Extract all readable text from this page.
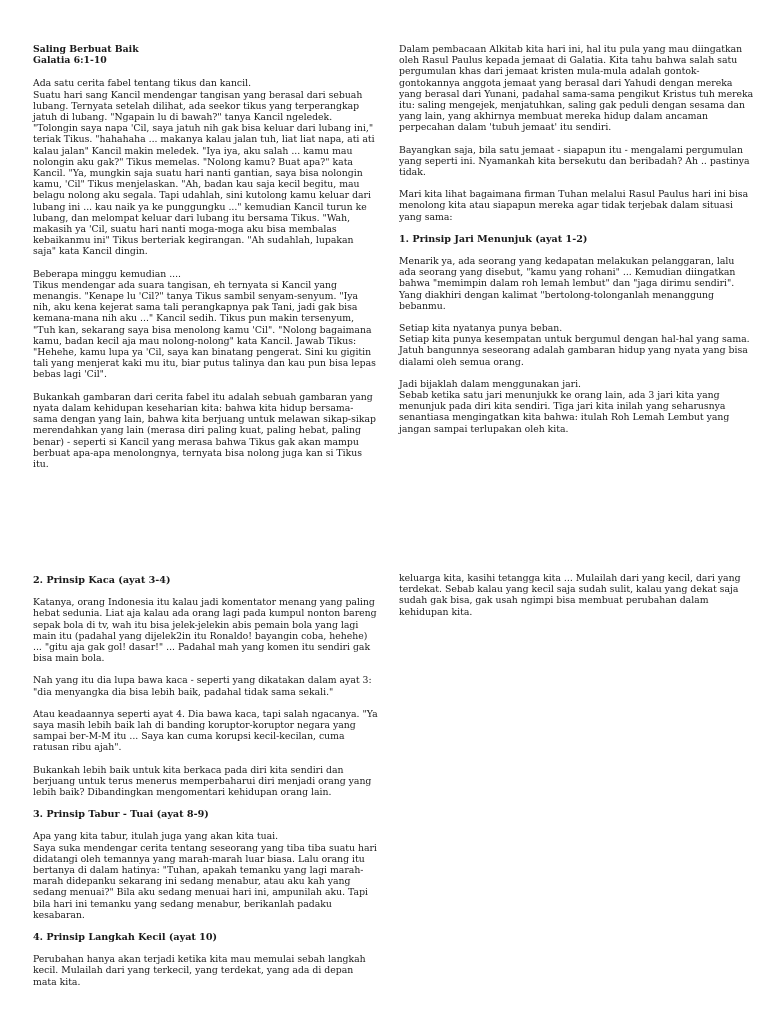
Saling Berbuat Baik

Galatia 6:1-10

Ada satu cerita fabel tentang tikus dan kancil.
Suatu hari sang Kancil mendengar tangisan yang berasal dari sebuah lubang. Ternyata setelah dilihat, ada seekor tikus yang terperangkap jatuh di lubang. "Ngapain lu di bawah?" tanya Kancil ngeledek. "Tolongin saya napa 'Cil, saya jatuh nih gak bisa keluar dari lubang ini," teriak Tikus. "hahahaha ... makanya kalau jalan tuh, liat liat napa, ati ati kalau jalan" Kancil makin meledek. "Iya iya, aku salah ... kamu mau nolongin aku gak?" Tikus memelas. "Nolong kamu? Buat apa?" kata Kancil. "Ya, mungkin saja suatu hari nanti gantian, saya bisa nolongin kamu, 'Cil" Tikus menjelaskan. "Ah, badan kau saja kecil begitu, mau belagu nolong aku segala. Tapi udahlah, sini kutolong kamu keluar dari lubang ini ... kau naik ya ke punggungku ..." kemudian Kancil turun ke lubang, dan melompat keluar dari lubang itu bersama Tikus. "Wah, makasih ya 'Cil, suatu hari nanti moga-moga aku bisa membalas kebaikanmu ini" Tikus berteriak kegirangan. "Ah sudahlah, lupakan saja" kata Kancil dingin.

Beberapa minggu kemudian ....
Tikus mendengar ada suara tangisan, eh ternyata si Kancil yang menangis. "Kenape lu 'Cil?" tanya Tikus sambil senyam-senyum. "Iya nih, aku kena kejerat sama tali perangkapnya pak Tani, jadi gak bisa kemana-mana nih aku ..." Kancil sedih. Tikus pun makin tersenyum, "Tuh kan, sekarang saya bisa menolong kamu 'Cil". "Nolong bagaimana kamu, badan kecil aja mau nolong-nolong" kata Kancil. Jawab Tikus: "Hehehe, kamu lupa ya 'Cil, saya kan binatang pengerat. Sini ku gigitin tali yang menjerat kaki mu itu, biar putus talinya dan kau pun bisa lepas bebas lagi 'Cil".

Bukankah gambaran dari cerita fabel itu adalah sebuah gambaran yang nyata dalam kehidupan keseharian kita: bahwa kita hidup bersama-sama dengan yang lain, bahwa kita berjuang untuk melawan sikap-sikap merendahkan yang lain (merasa diri paling kuat, paling hebat, paling benar) - seperti si Kancil yang merasa bahwa Tikus gak akan mampu berbuat apa-apa menolongnya, ternyata bisa nolong juga kan si Tikus itu.

Dalam pembacaan Alkitab kita hari ini, hal itu pula yang mau diingatkan oleh Rasul Paulus kepada jemaat di Galatia. Kita tahu bahwa salah satu pergumulan khas dari jemaat kristen mula-mula adalah gontok-gontokannya anggota jemaat yang berasal dari Yahudi dengan mereka yang berasal dari Yunani, padahal sama-sama pengikut Kristus tuh mereka itu: saling mengejek, menjatuhkan, saling gak peduli dengan sesama dan yang lain, yang akhirnya membuat mereka hidup dalam ancaman perpecahan dalam 'tubuh jemaat' itu sendiri.

Bayangkan saja, bila satu jemaat - siapapun itu - mengalami pergumulan yang seperti ini. Nyamankah kita bersekutu dan beribadah? Ah .. pastinya tidak.

Mari kita lihat bagaimana firman Tuhan melalui Rasul Paulus hari ini bisa menolong kita atau siapapun mereka agar tidak terjebak dalam situasi yang sama:

1. Prinsip Jari Menunjuk (ayat 1-2)

Menarik ya, ada seorang yang kedapatan melakukan pelanggaran, lalu ada seorang yang disebut, "kamu yang rohani" ... Kemudian diingatkan bahwa "memimpin dalam roh lemah lembut" dan "jaga dirimu sendiri". Yang diakhiri dengan kalimat "bertolong-tolonganlah menanggung bebanmu.

Setiap kita nyatanya punya beban.
Setiap kita punya kesempatan untuk bergumul dengan hal-hal yang sama. Jatuh bangunnya seseorang adalah gambaran hidup yang nyata yang bisa dialami oleh semua orang.

Jadi bijaklah dalam menggunakan jari.
Sebab ketika satu jari menunjukk ke orang lain, ada 3 jari kita yang menunjuk pada diri kita sendiri. Tiga jari kita inilah yang seharusnya senantiasa mengingatkan kita bahwa: itulah Roh Lemah Lembut yang jangan sampai terlupakan oleh kita.

2. Prinsip Kaca (ayat 3-4)

Katanya, orang Indonesia itu kalau jadi komentator menang yang paling hebat sedunia. Liat aja kalau ada orang lagi pada kumpul nonton bareng sepak bola di tv, wah itu bisa jelek-jelekin abis pemain bola yang lagi main itu (padahal yang dijelek2in itu Ronaldo! bayangin coba, hehehe) ... "gitu aja gak gol! dasar!" ... Padahal mah yang komen itu sendiri gak bisa main bola.

Nah yang itu dia lupa bawa kaca - seperti yang dikatakan dalam ayat 3: "dia menyangka dia bisa lebih baik, padahal tidak sama sekali."

Atau keadaannya seperti ayat 4. Dia bawa kaca, tapi salah ngacanya. "Ya saya masih lebih baik lah di banding koruptor-koruptor negara yang sampai ber-M-M itu ... Saya kan cuma korupsi kecil-kecilan, cuma ratusan ribu ajah".

Bukankah lebih baik untuk kita berkaca pada diri kita sendiri dan berjuang untuk terus menerus memperbaharui diri menjadi orang yang lebih baik? Dibandingkan mengomentari kehidupan orang lain.

3. Prinsip Tabur - Tuai (ayat 8-9)

Apa yang kita tabur, itulah juga yang akan kita tuai.
Saya suka mendengar cerita tentang seseorang yang tiba tiba suatu hari didatangi oleh temannya yang marah-marah luar biasa. Lalu orang itu bertanya di dalam hatinya: "Tuhan, apakah temanku yang lagi marah-marah didepanku sekarang ini sedang menabur, atau aku kah yang sedang menuai?" Bila aku sedang menuai hari ini, ampunilah aku. Tapi bila hari ini temanku yang sedang menabur, berikanlah padaku kesabaran.

4. Prinsip Langkah Kecil (ayat 10)

Perubahan hanya akan terjadi ketika kita mau memulai sebah langkah kecil. Mulailah dari yang terkecil, yang terdekat, yang ada di depan mata kita.

keluarga kita, kasihi tetangga kita ... Mulailah dari yang kecil, dari yang terdekat. Sebab kalau yang kecil saja sudah sulit, kalau yang dekat saja sudah gak bisa, gak usah ngimpi bisa membuat perubahan dalam kehidupan kita.
